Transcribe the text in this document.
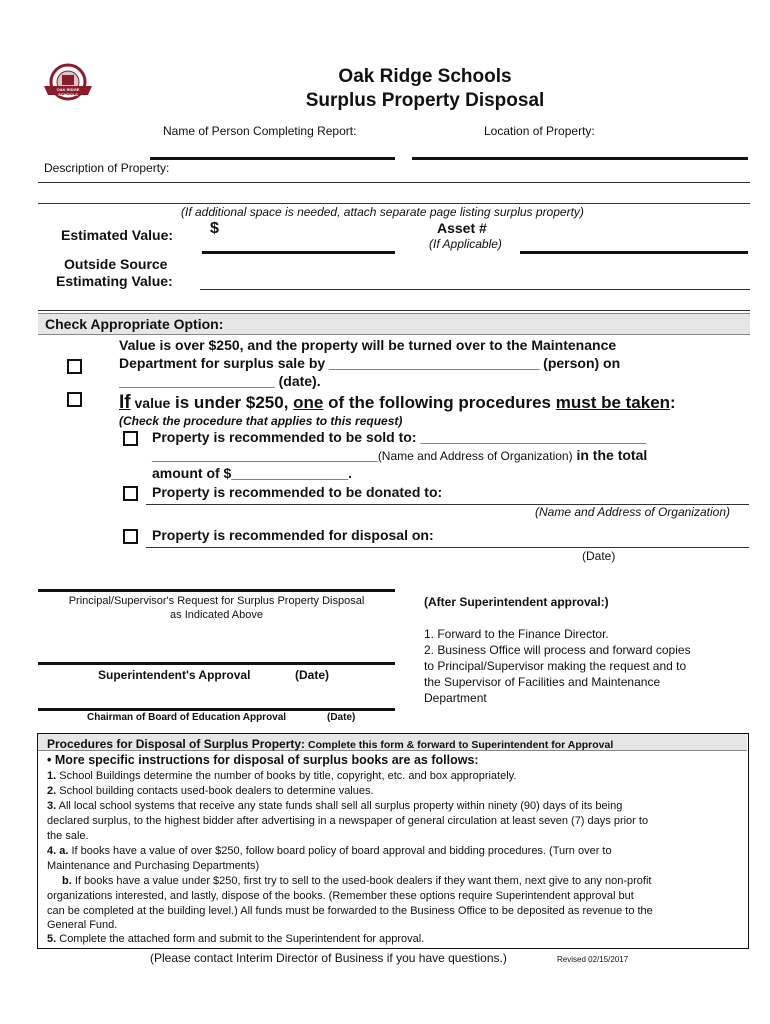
OAK RIDGE SCHOOLS
Oak Ridge Schools
Surplus Property Disposal
Name of Person Completing Report:	Location of Property:
Description of Property:
(If additional space is needed, attach separate page listing surplus property)
Estimated Value: $	Asset #
(If Applicable)
Outside Source
Estimating Value:
Check Appropriate Option:
Value is over $250, and the property will be turned over to the Maintenance
Department for surplus sale by ___________________________ (person) on
____________________ (date).
If value is under $250, one of the following procedures must be taken:
(Check the procedure that applies to this request)
Property is recommended to be sold to: _____________________________
_____________________________(Name and Address of Organization) in the total
amount of $_______________.
Property is recommended to be donated to:
(Name and Address of Organization)
Property is recommended for disposal on:
(Date)
Principal/Supervisor's Request for Surplus Property Disposal
as Indicated Above
Superintendent's Approval	(Date)
Chairman of Board of Education Approval	(Date)
(After Superintendent approval:)
1. Forward to the Finance Director.
2. Business Office will process and forward copies
to Principal/Supervisor making the request and to
the Supervisor of Facilities and Maintenance
Department
Procedures for Disposal of Surplus Property: Complete this form & forward to Superintendent for Approval
• More specific instructions for disposal of surplus books are as follows:
1. School Buildings determine the number of books by title, copyright, etc. and box appropriately.
2. School building contacts used-book dealers to determine values.
3. All local school systems that receive any state funds shall sell all surplus property within ninety (90) days of its being
declared surplus, to the highest bidder after advertising in a newspaper of general circulation at least seven (7) days prior to
the sale.
4. a. If books have a value of over $250, follow board policy of board approval and bidding procedures. (Turn over to
Maintenance and Purchasing Departments)
b. If books have a value under $250, first try to sell to the used-book dealers if they want them, next give to any non-profit
organizations interested, and lastly, dispose of the books. (Remember these options require Superintendent approval but
can be completed at the building level.) All funds must be forwarded to the Business Office to be deposited as revenue to the
General Fund.
5. Complete the attached form and submit to the Superintendent for approval.
(Please contact Interim Director of Business if you have questions.)	Revised 02/15/2017
